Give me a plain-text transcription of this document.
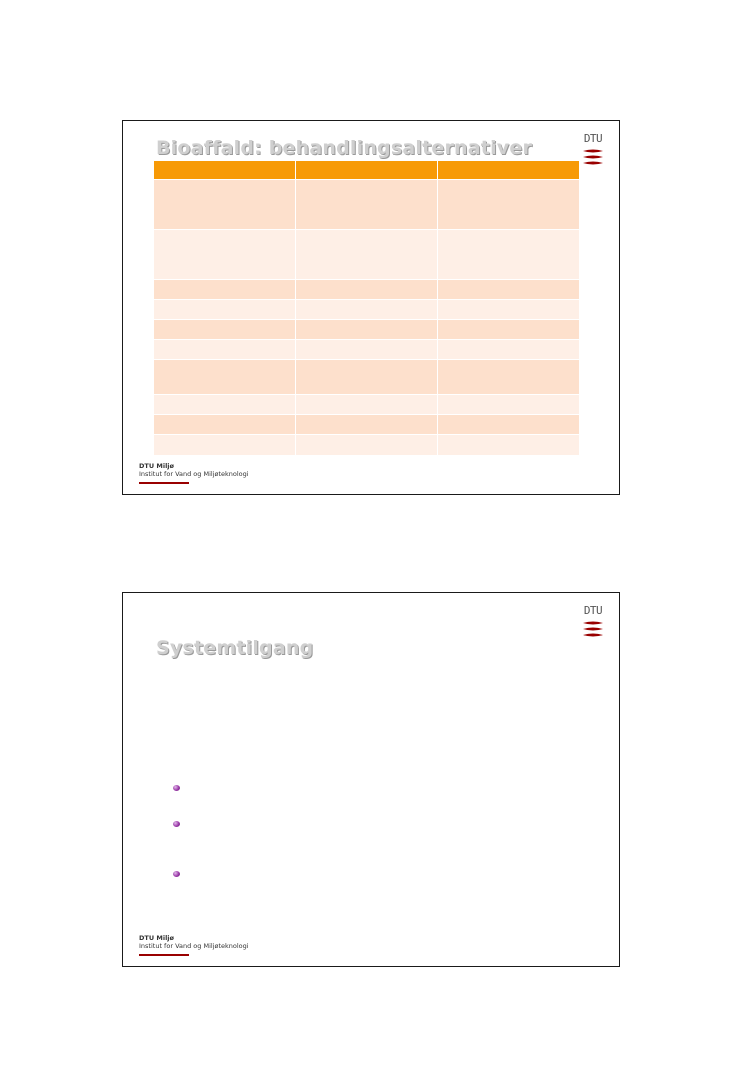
Bioaffald: behandlingsalternativer	DTU

DTU Miljø
Institut for Vand og Miljøteknologi
DTU
Systemtilgang
DTU Miljø
Institut for Vand og Miljøteknologi
